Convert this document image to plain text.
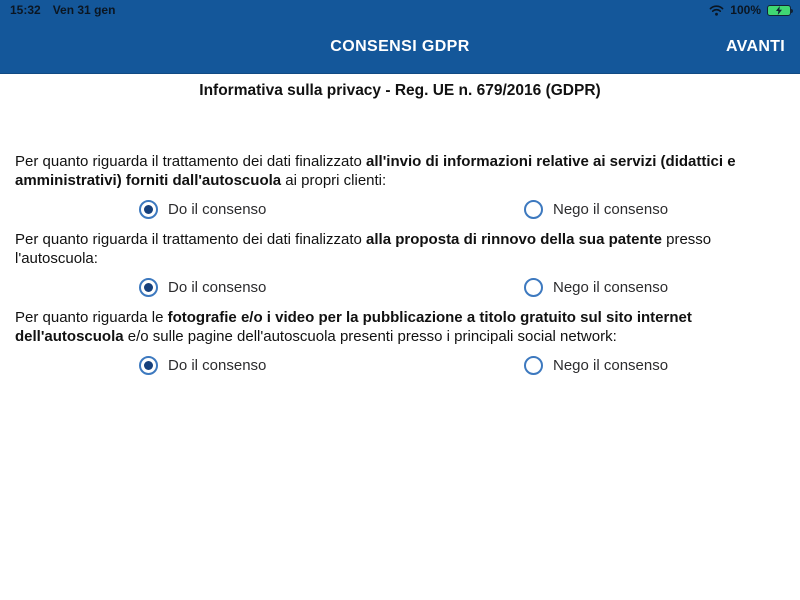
15:32 Ven 31 gen	100%
CONSENSI GDPR	AVANTI
Informativa sulla privacy - Reg. UE n. 679/2016 (GDPR)

Per quanto riguarda il trattamento dei dati finalizzato all'invio di informazioni relative ai servizi (didattici e amministrativi) forniti dall'autoscuola ai propri clienti:

Do il consenso	Nego il consenso

Per quanto riguarda il trattamento dei dati finalizzato alla proposta di rinnovo della sua patente presso l'autoscuola:

Do il consenso	Nego il consenso

Per quanto riguarda le fotografie e/o i video per la pubblicazione a titolo gratuito sul sito internet dell'autoscuola e/o sulle pagine dell'autoscuola presenti presso i principali social network:

Do il consenso	Nego il consenso
